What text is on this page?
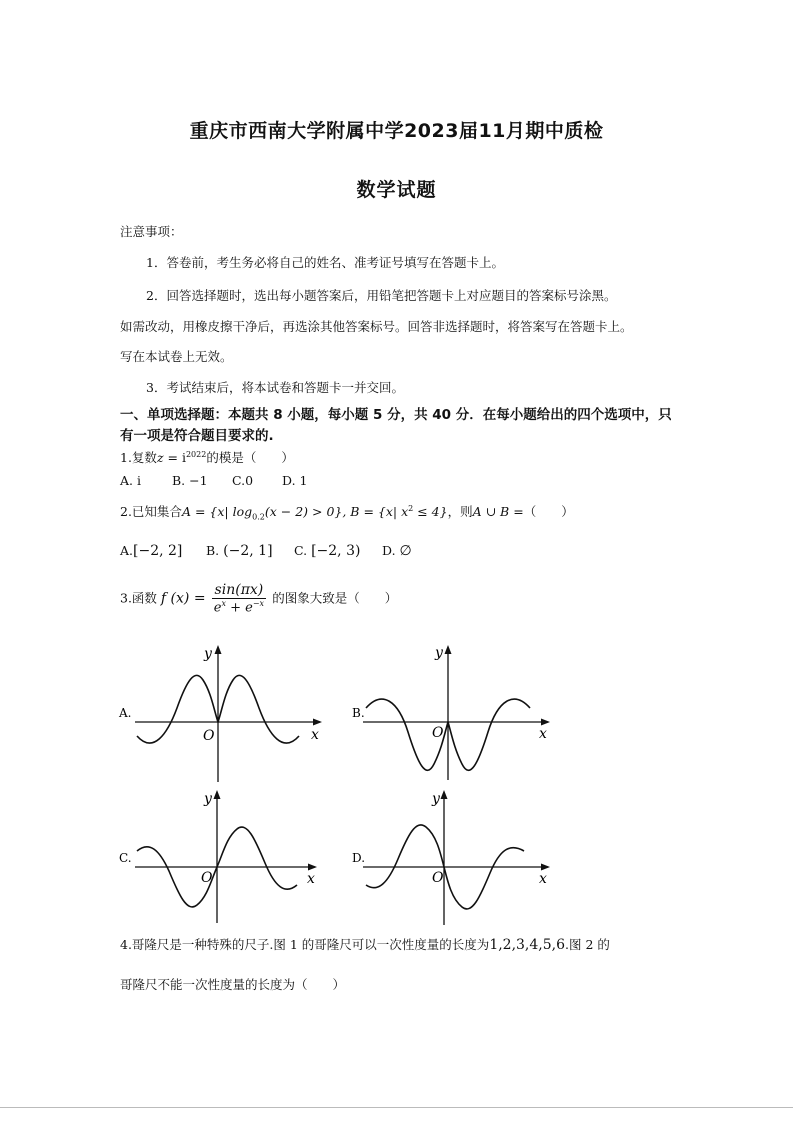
重庆市西南大学附属中学2023届11月期中质检
数学试题
注意事项：
1．答卷前，考生务必将自己的姓名、准考证号填写在答题卡上。
2．回答选择题时，选出每小题答案后，用铅笔把答题卡上对应题目的答案标号涂黑。
如需改动，用橡皮擦干净后，再选涂其他答案标号。回答非选择题时，将答案写在答题卡上。
写在本试卷上无效。
3．考试结束后，将本试卷和答题卡一并交回。
一、单项选择题：本题共 8 小题，每小题 5 分，共 40 分．在每小题给出的四个选项中，只
有一项是符合题目要求的.
1.复数$z = i^{2022}$的模是（　　）
A. i B. −1 C.0 D. 1
2.已知集合A = {x| $\log_{0.2}(x - 2) > 0$}, B = {x| $x^2 \le 4$}，则A ∪ B =（　　）
A.[−2, 2] B. (−2, 1] C. [−2, 3) D. ∅
3.函数 f $(x) = \frac{\sin(\pi x)}{e^x + e^{-x}}$ 的图象大致是（　　）
A.
y
x
O
B.
y
x
O
C.
y
x
O
D.
y
x
O
4.哥隆尺是一种特殊的尺子.图 1 的哥隆尺可以一次性度量的长度为1,2,3,4,5,6.图 2 的
哥隆尺不能一次性度量的长度为（　　）
